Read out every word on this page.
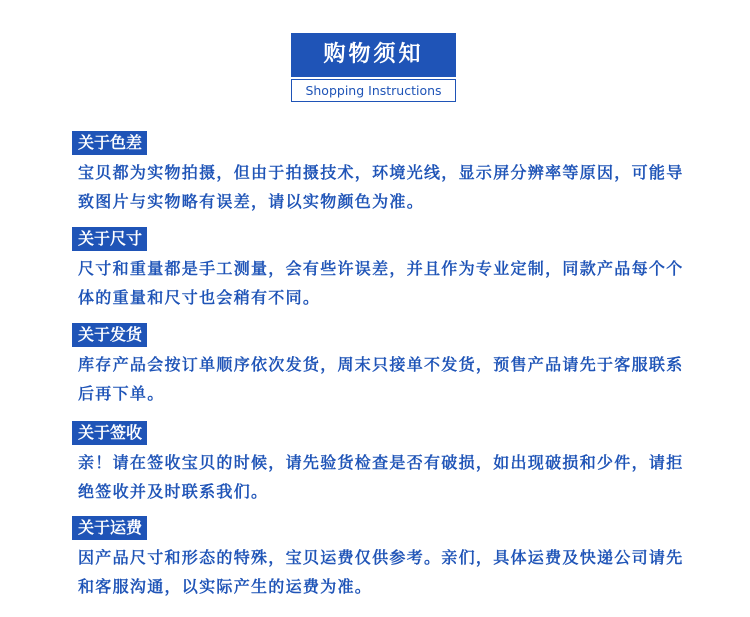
购物须知
Shopping Instructions
关于色差
宝贝都为实物拍摄，但由于拍摄技术，环境光线，显示屏分辨率等原因，可能导致图片与实物略有误差，请以实物颜色为准。
关于尺寸
尺寸和重量都是手工测量，会有些许误差，并且作为专业定制，同款产品每个个体的重量和尺寸也会稍有不同。
关于发货
库存产品会按订单顺序依次发货，周末只接单不发货，预售产品请先于客服联系后再下单。
关于签收
亲！请在签收宝贝的时候，请先验货检查是否有破损，如出现破损和少件，请拒绝签收并及时联系我们。
关于运费
因产品尺寸和形态的特殊，宝贝运费仅供参考。亲们，具体运费及快递公司请先和客服沟通，以实际产生的运费为准。
